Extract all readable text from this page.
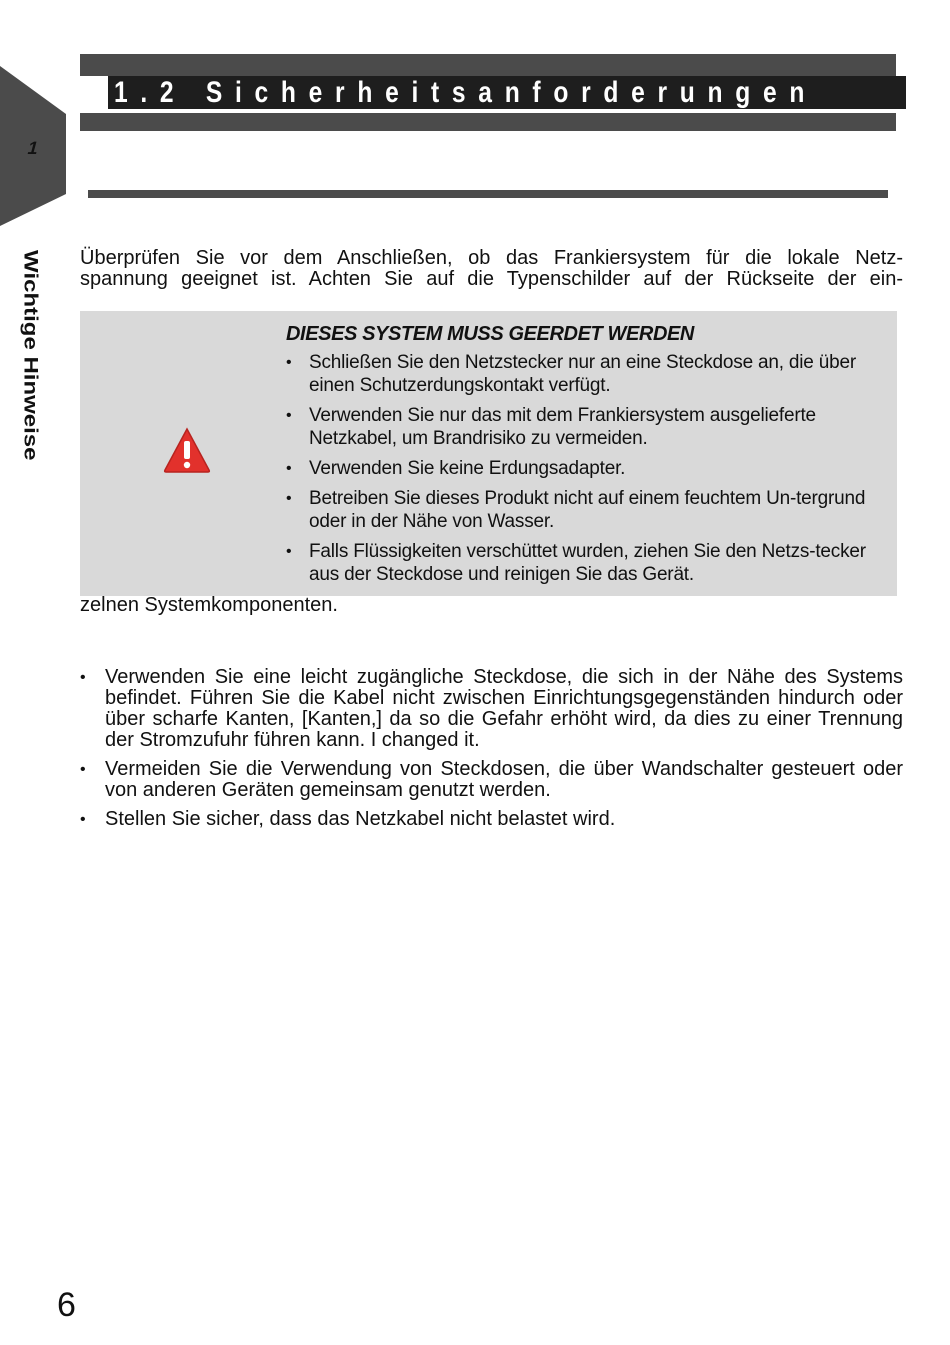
1
Wichtige Hinweise
1.2 Sicherheitsanforderungen
Überprüfen Sie vor dem Anschließen, ob das Frankiersystem für die lokale Netz-
spannung geeignet ist. Achten Sie auf die Typenschilder auf der Rückseite der ein-
DIESES SYSTEM MUSS GEERDET WERDEN
• Schließen Sie den Netzstecker nur an eine Steckdose an, die über einen Schutzerdungskontakt verfügt.
• Verwenden Sie nur das mit dem Frankiersystem ausgelieferte Netzkabel, um Brandrisiko zu vermeiden.
• Verwenden Sie keine Erdungsadapter.
• Betreiben Sie dieses Produkt nicht auf einem feuchtem Un-tergrund oder in der Nähe von Wasser.
• Falls Flüssigkeiten verschüttet wurden, ziehen Sie den Netzs-tecker aus der Steckdose und reinigen Sie das Gerät.

zelnen Systemkomponenten.

• Verwenden Sie eine leicht zugängliche Steckdose, die sich in der Nähe des Systems befindet. Führen Sie die Kabel nicht zwischen Einrichtungsgegenständen hindurch oder über scharfe Kanten, [Kanten,] da so die Gefahr erhöht wird, da dies zu einer Trennung der Stromzufuhr führen kann. I changed it.
• Vermeiden Sie die Verwendung von Steckdosen, die über Wandschalter gesteuert oder von anderen Geräten gemeinsam genutzt werden.
• Stellen Sie sicher, dass das Netzkabel nicht belastet wird.
6
